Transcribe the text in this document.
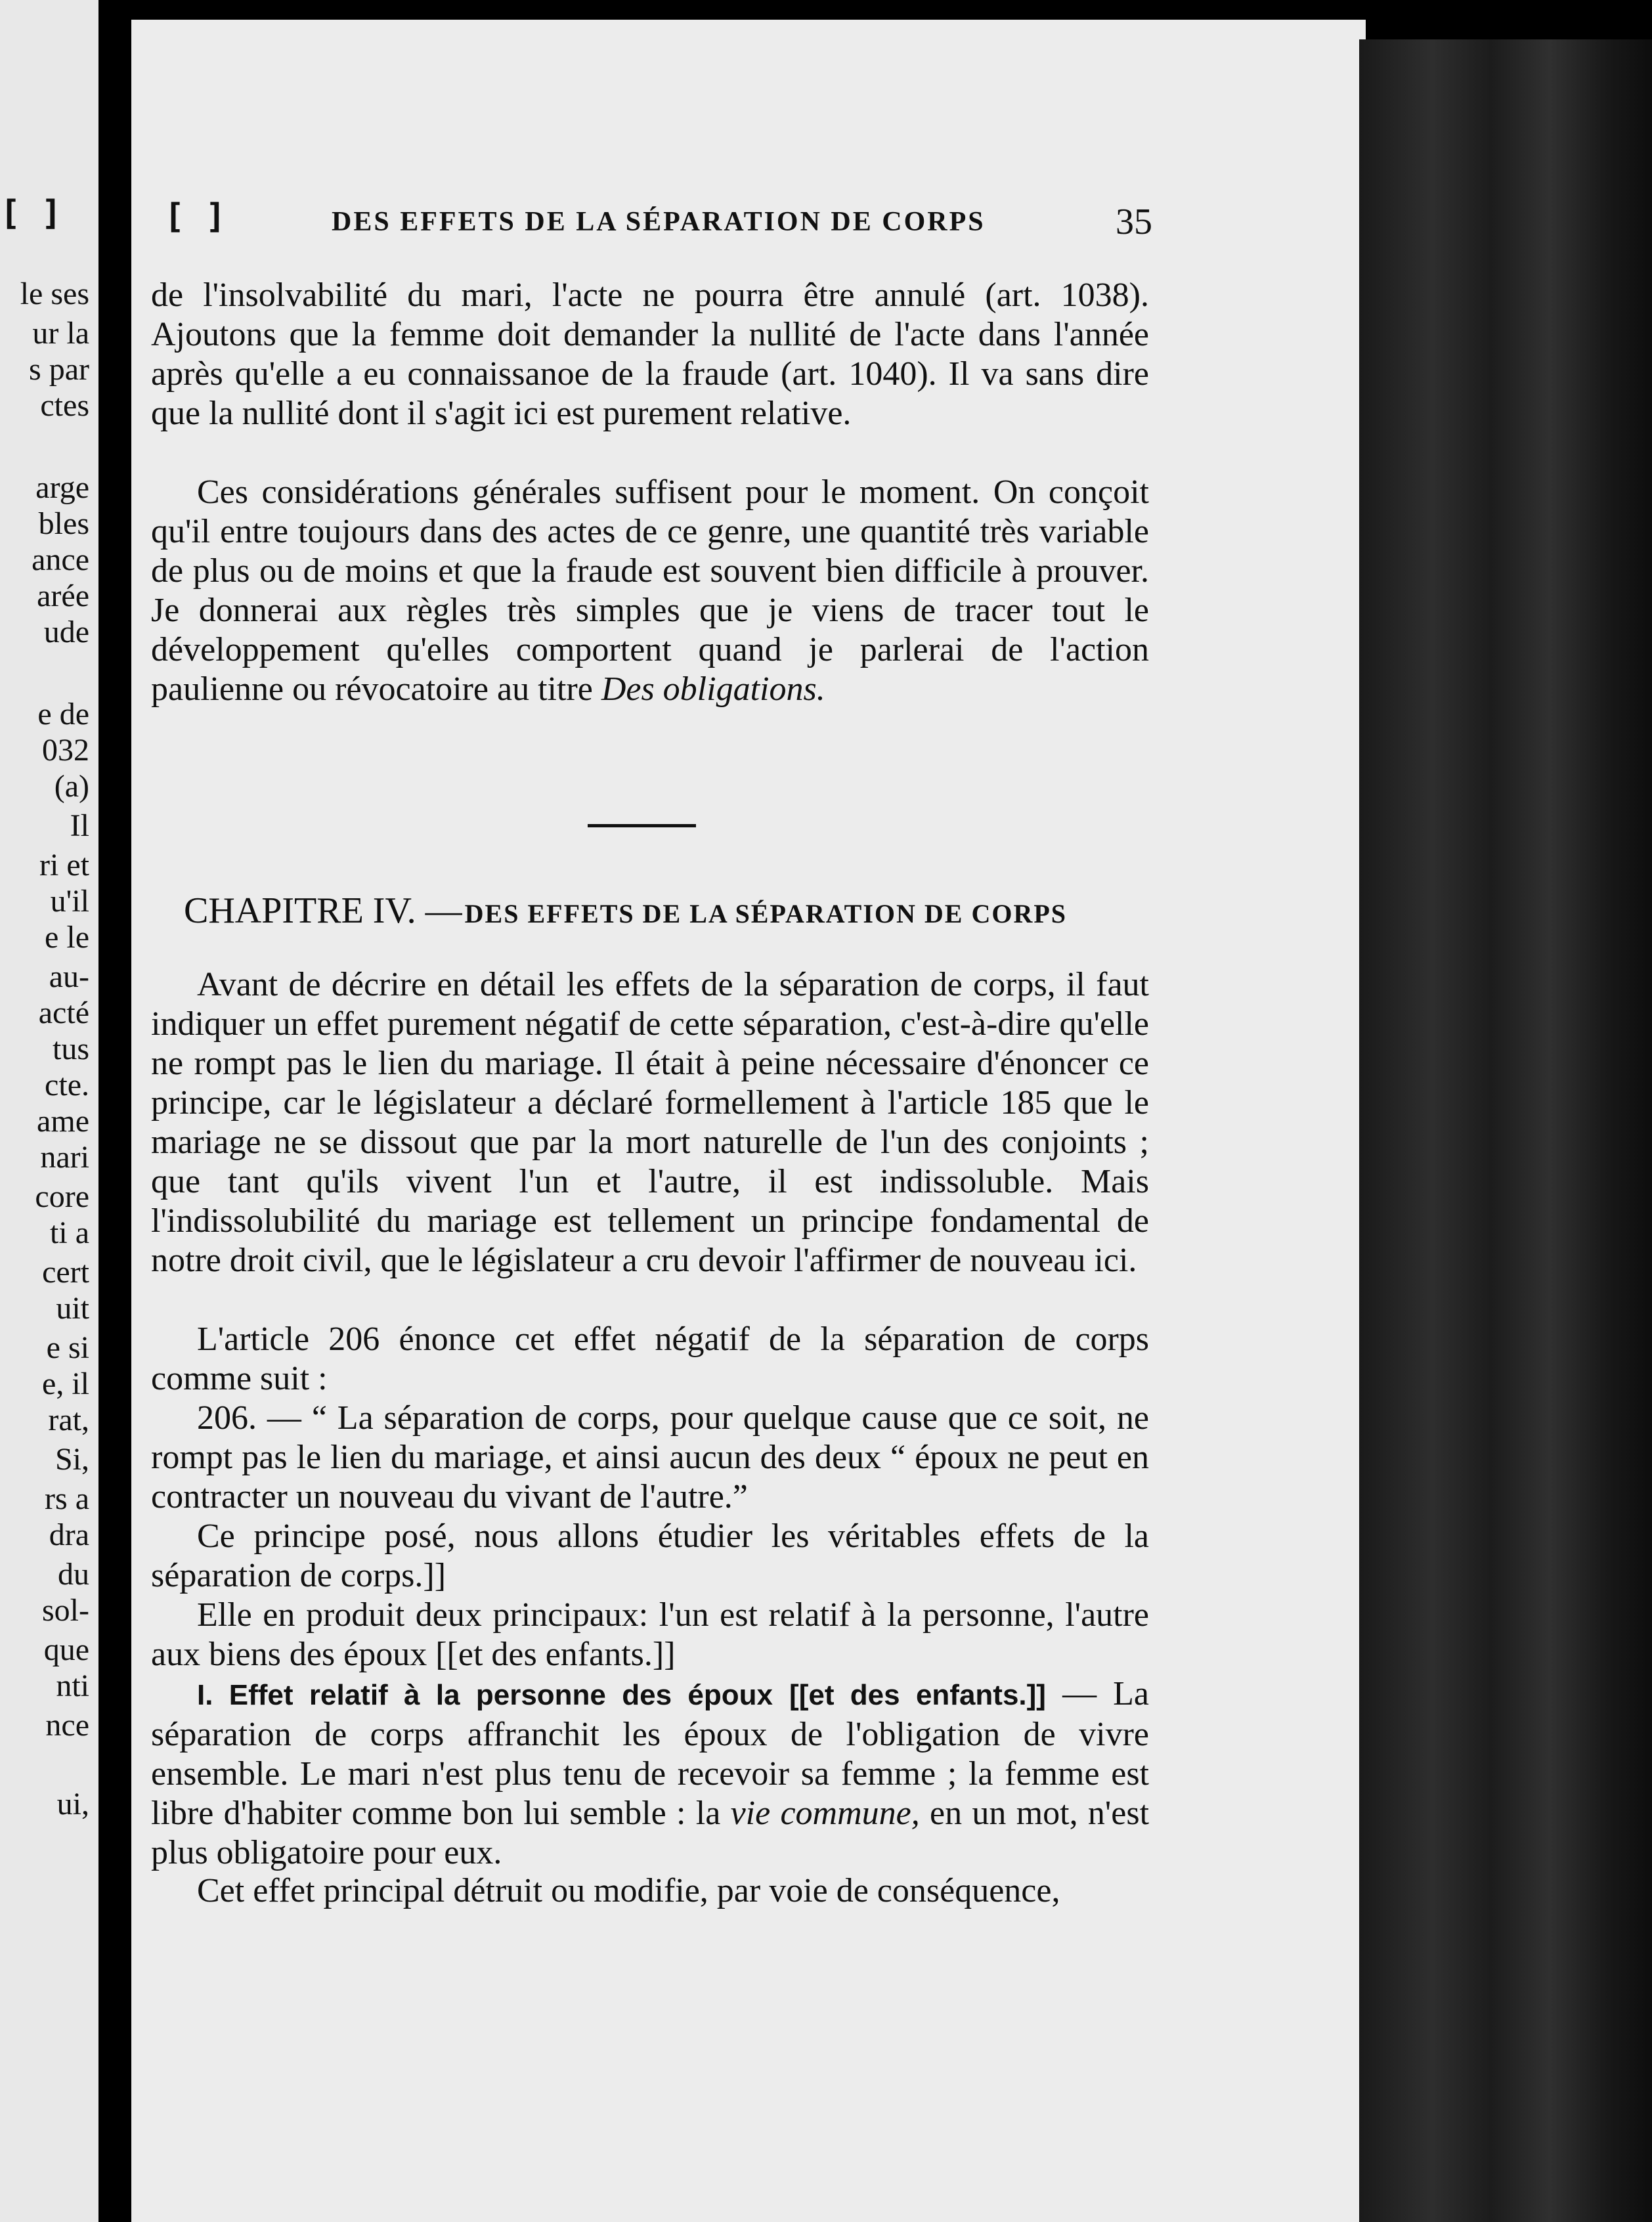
[ ]
le ses
ur la
s par
ctes
arge
bles
ance
arée
ude
e de
032
(a)
Il
ri et
u'il
e le
au-
acté
tus
cte.
ame
nari
core
ti a
cert
uit
e si
e, il
rat,
Si,
rs a
dra
du
sol-
que
nti
nce
ui,
[ ]	DES EFFETS DE LA SÉPARATION DE CORPS	35

de l'insolvabilité du mari, l'acte ne pourra être annulé (art. 1038). Ajoutons que la femme doit demander la nullité de l'acte dans l'année après qu'elle a eu connaissanoe de la fraude (art. 1040). Il va sans dire que la nullité dont il s'agit ici est purement relative.

Ces considérations générales suffisent pour le moment. On conçoit qu'il entre toujours dans des actes de ce genre, une quantité très variable de plus ou de moins et que la fraude est souvent bien difficile à prouver. Je donnerai aux règles très simples que je viens de tracer tout le développement qu'elles comportent quand je parlerai de l'action paulienne ou révocatoire au titre Des obligations.

CHAPITRE IV. — DES EFFETS DE LA SÉPARATION DE CORPS

Avant de décrire en détail les effets de la séparation de corps, il faut indiquer un effet purement négatif de cette séparation, c'est-à-dire qu'elle ne rompt pas le lien du mariage. Il était à peine nécessaire d'énoncer ce principe, car le législateur a déclaré formellement à l'article 185 que le mariage ne se dissout que par la mort naturelle de l'un des conjoints ; que tant qu'ils vivent l'un et l'autre, il est indissoluble. Mais l'indissolubilité du mariage est tellement un principe fondamental de notre droit civil, que le législateur a cru devoir l'affirmer de nouveau ici.

L'article 206 énonce cet effet négatif de la séparation de corps comme suit :

206. — “ La séparation de corps, pour quelque cause que ce soit, ne rompt pas le lien du mariage, et ainsi aucun des deux “ époux ne peut en contracter un nouveau du vivant de l'autre.”

Ce principe posé, nous allons étudier les véritables effets de la séparation de corps.]]

Elle en produit deux principaux: l'un est relatif à la personne, l'autre aux biens des époux [[et des enfants.]]

I. Effet relatif à la personne des époux [[et des enfants.]] — La séparation de corps affranchit les époux de l'obligation de vivre ensemble. Le mari n'est plus tenu de recevoir sa femme ; la femme est libre d'habiter comme bon lui semble : la vie commune, en un mot, n'est plus obligatoire pour eux.

Cet effet principal détruit ou modifie, par voie de conséquence,
